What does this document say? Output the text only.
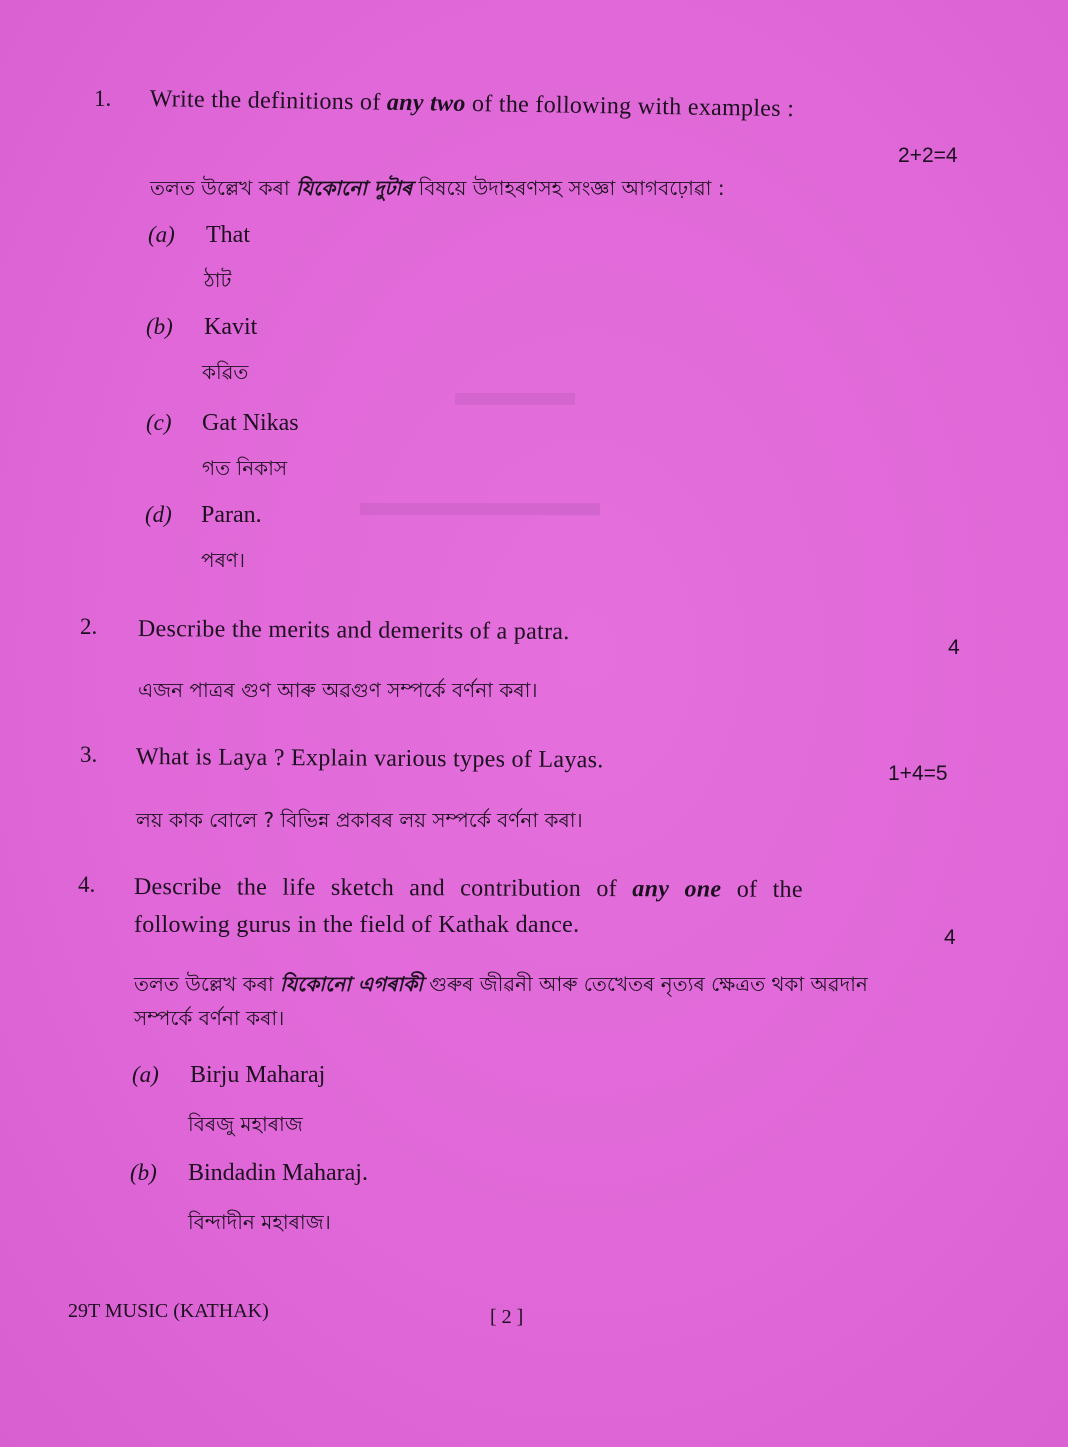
▬▬▬
▬▬▬▬▬▬
1. Write the definitions of any two of the following with examples :
2+2=4
তলত উল্লেখ কৰা যিকোনো দুটাৰ বিষয়ে উদাহৰণসহ সংজ্ঞা আগবঢ়োৱা :
(a) That
ঠাট
(b) Kavit
কৱিত
(c) Gat Nikas
গত নিকাস
(d) Paran.
পৰণ।
2. Describe the merits and demerits of a patra.
4
এজন পাত্ৰৰ গুণ আৰু অৱগুণ সম্পৰ্কে বৰ্ণনা কৰা।
3. What is Laya ? Explain various types of Layas.
1+4=5
লয় কাক বোলে ? বিভিন্ন প্ৰকাৰৰ লয় সম্পৰ্কে বৰ্ণনা কৰা।
4. Describe the life sketch and contribution of any one of the
following gurus in the field of Kathak dance.	4
তলত উল্লেখ কৰা যিকোনো এগৰাকী গুৰুৰ জীৱনী আৰু তেখেতৰ নৃত্যৰ ক্ষেত্ৰত থকা অৱদান
সম্পৰ্কে বৰ্ণনা কৰা।
(a) Birju Maharaj
বিৰজু মহাৰাজ
(b) Bindadin Maharaj.
বিন্দাদীন মহাৰাজ।
29T MUSIC (KATHAK)	[ 2 ]
